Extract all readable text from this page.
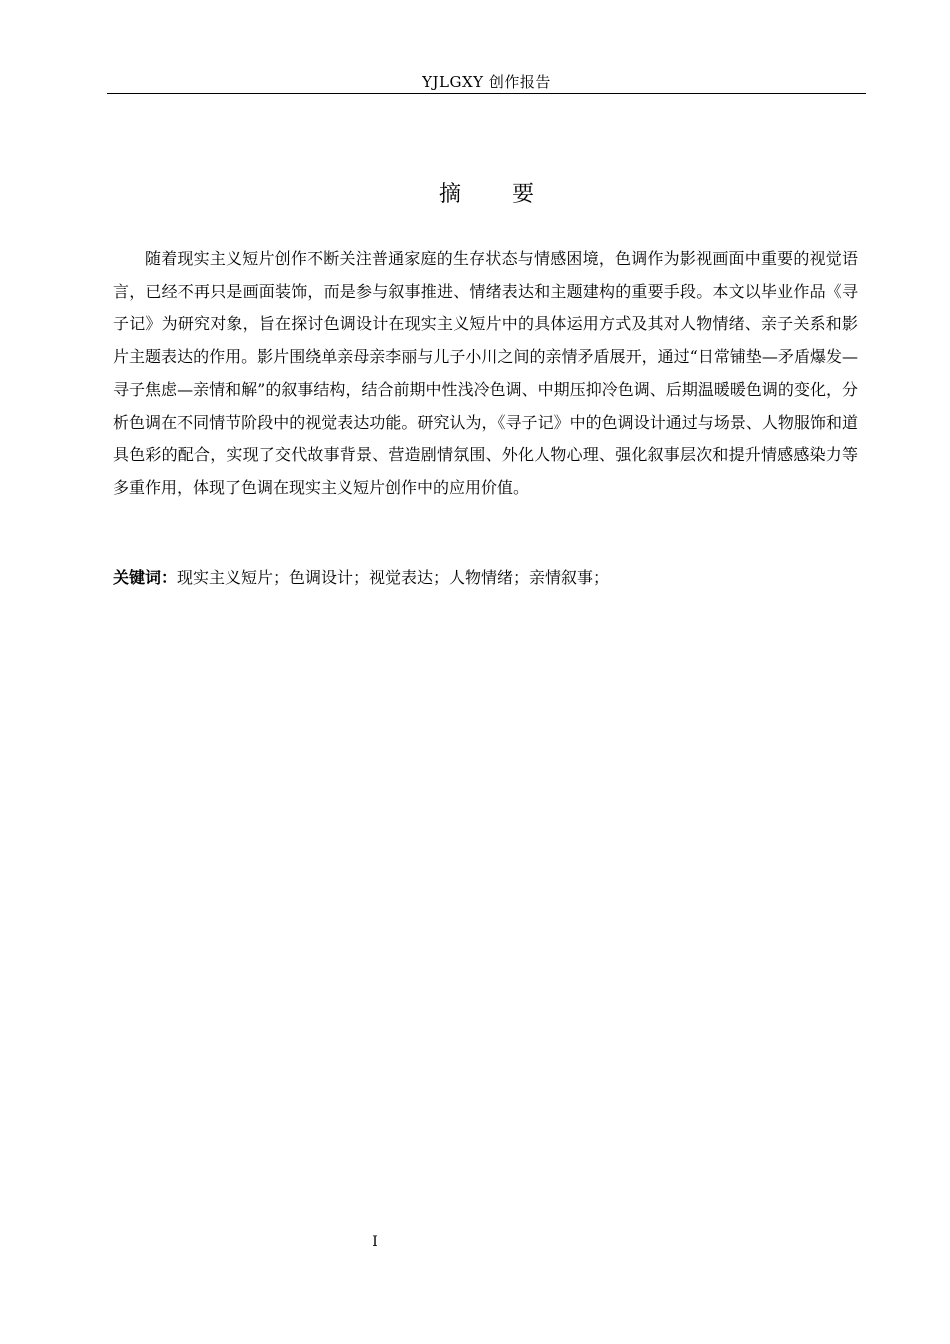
YJLGXY 创作报告
摘 要

随着现实主义短片创作不断关注普通家庭的生存状态与情感困境，色调作为影视画面中重要的视觉语言，已经不再只是画面装饰，而是参与叙事推进、情绪表达和主题建构的重要手段。本文以毕业作品《寻子记》为研究对象，旨在探讨色调设计在现实主义短片中的具体运用方式及其对人物情绪、亲子关系和影片主题表达的作用。影片围绕单亲母亲李丽与儿子小川之间的亲情矛盾展开，通过“日常铺垫—矛盾爆发—寻子焦虑—亲情和解”的叙事结构，结合前期中性浅冷色调、中期压抑冷色调、后期温暖暖色调的变化，分析色调在不同情节阶段中的视觉表达功能。研究认为，《寻子记》中的色调设计通过与场景、人物服饰和道具色彩的配合，实现了交代故事背景、营造剧情氛围、外化人物心理、强化叙事层次和提升情感感染力等多重作用，体现了色调在现实主义短片创作中的应用价值。

关键词：现实主义短片；色调设计；视觉表达；人物情绪；亲情叙事；
I
